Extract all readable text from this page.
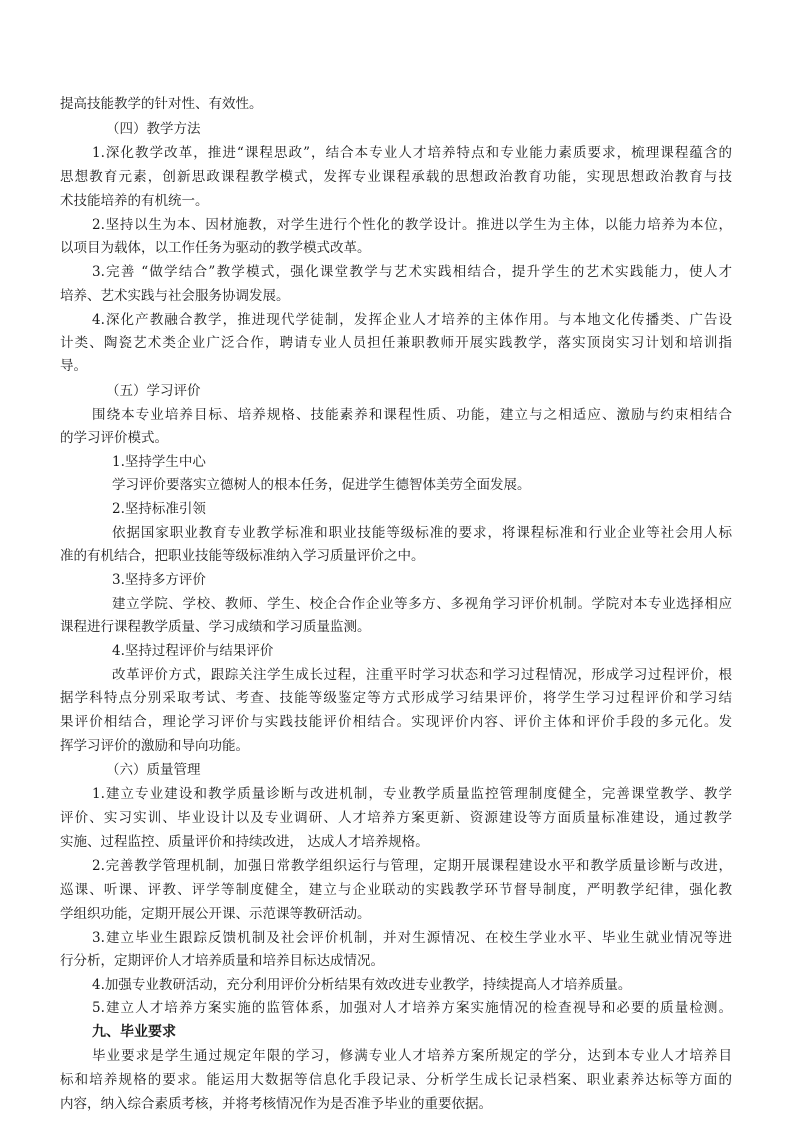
提高技能教学的针对性、有效性。
（四）教学方法
1.深化教学改革，推进“课程思政”，结合本专业人才培养特点和专业能力素质要求，梳理课程蕴含的
思想教育元素，创新思政课程教学模式，发挥专业课程承载的思想政治教育功能，实现思想政治教育与技
术技能培养的有机统一。
2.坚持以生为本、因材施教，对学生进行个性化的教学设计。推进以学生为主体，以能力培养为本位，
以项目为载体，以工作任务为驱动的教学模式改革。
3.完善 “做学结合”教学模式，强化课堂教学与艺术实践相结合，提升学生的艺术实践能力，使人才
培养、艺术实践与社会服务协调发展。
4.深化产教融合教学，推进现代学徒制，发挥企业人才培养的主体作用。与本地文化传播类、广告设
计类、陶瓷艺术类企业广泛合作，聘请专业人员担任兼职教师开展实践教学，落实顶岗实习计划和培训指
导。
（五）学习评价
围绕本专业培养目标、培养规格、技能素养和课程性质、功能，建立与之相适应、激励与约束相结合
的学习评价模式。
1.坚持学生中心
学习评价要落实立德树人的根本任务，促进学生德智体美劳全面发展。
2.坚持标准引领
依据国家职业教育专业教学标准和职业技能等级标准的要求，将课程标准和行业企业等社会用人标
准的有机结合，把职业技能等级标准纳入学习质量评价之中。
3.坚持多方评价
建立学院、学校、教师、学生、校企合作企业等多方、多视角学习评价机制。学院对本专业选择相应
课程进行课程教学质量、学习成绩和学习质量监测。
4.坚持过程评价与结果评价
改革评价方式，跟踪关注学生成长过程，注重平时学习状态和学习过程情况，形成学习过程评价，根
据学科特点分别采取考试、考查、技能等级鉴定等方式形成学习结果评价，将学生学习过程评价和学习结
果评价相结合，理论学习评价与实践技能评价相结合。实现评价内容、评价主体和评价手段的多元化。发
挥学习评价的激励和导向功能。
（六）质量管理
1.建立专业建设和教学质量诊断与改进机制，专业教学质量监控管理制度健全，完善课堂教学、教学
评价、实习实训、毕业设计以及专业调研、人才培养方案更新、资源建设等方面质量标准建设，通过教学
实施、过程监控、质量评价和持续改进， 达成人才培养规格。
2.完善教学管理机制，加强日常教学组织运行与管理，定期开展课程建设水平和教学质量诊断与改进，
巡课、听课、评教、评学等制度健全，建立与企业联动的实践教学环节督导制度，严明教学纪律，强化教
学组织功能，定期开展公开课、示范课等教研活动。
3.建立毕业生跟踪反馈机制及社会评价机制，并对生源情况、在校生学业水平、毕业生就业情况等进
行分析，定期评价人才培养质量和培养目标达成情况。
4.加强专业教研活动，充分利用评价分析结果有效改进专业教学，持续提高人才培养质量。
5.建立人才培养方案实施的监管体系，加强对人才培养方案实施情况的检查视导和必要的质量检测。
九、毕业要求
毕业要求是学生通过规定年限的学习，修满专业人才培养方案所规定的学分，达到本专业人才培养目
标和培养规格的要求。能运用大数据等信息化手段记录、分析学生成长记录档案、职业素养达标等方面的
内容，纳入综合素质考核，并将考核情况作为是否准予毕业的重要依据。
